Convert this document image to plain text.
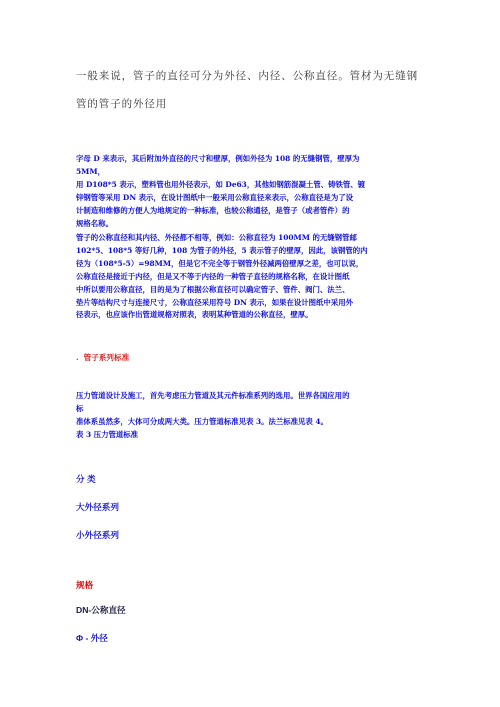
一般来说，管子的直径可分为外径、内径、公称直径。管材为无缝钢

管的管子的外径用

字母 D 来表示，其后附加外直径的尺寸和壁厚，例如外径为 108 的无缝钢管，壁厚为
5MM，
用 D108*5 表示，塑料管也用外径表示，如 De63，其他如钢筋混凝土管、铸铁管、镀
锌钢管等采用 DN 表示，在设计图纸中一般采用公称直径来表示，公称直径是为了设
计制造和维修的方便人为地规定的一种标准，也较公称通径，是管子（或者管件）的
规格名称。
管子的公称直径和其内径、外径都不相等，例如：公称直径为 100MM 的无缝钢管邮
102*5、108*5 等好几种，108 为管子的外径，5 表示管子的壁厚，因此，该钢管的内
径为（108*5-5）=98MM，但是它不完全等于钢管外径减两倍壁厚之差，也可以说，
公称直径是接近于内径，但是又不等于内径的一种管子直径的规格名称，在设计图纸
中所以要用公称直径，目的是为了根据公称直径可以确定管子、管件、阀门、法兰、
垫片等结构尺寸与连接尺寸，公称直径采用符号 DN 表示，如果在设计图纸中采用外
径表示，也应该作出管道规格对照表，表明某种管道的公称直径，壁厚。

. 管子系列标准

压力管道设计及施工，首先考虑压力管道及其元件标准系列的选用。世界各国应用的
标
准体系虽然多，大体可分成两大类。压力管道标准见表 3。法兰标准见表 4。
表 3 压力管道标准

分 类

大外径系列

小外径系列

规格

DN-公称直径

Φ - 外径
